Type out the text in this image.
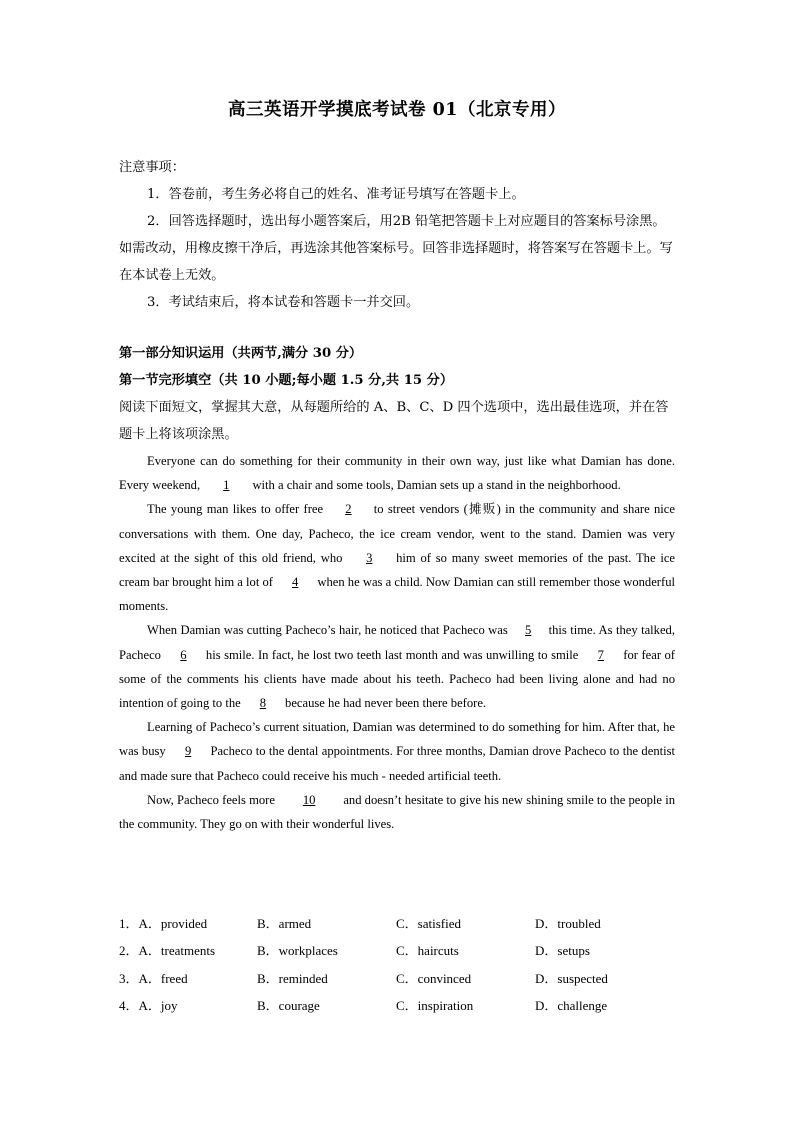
高三英语开学摸底考试卷 01（北京专用）

注意事项：

1．答卷前，考生务必将自己的姓名、准考证号填写在答题卡上。

2．回答选择题时，选出每小题答案后，用2B 铅笔把答题卡上对应题目的答案标号涂黑。如需改动，用橡皮擦干净后，再选涂其他答案标号。回答非选择题时，将答案写在答题卡上。写在本试卷上无效。

3．考试结束后，将本试卷和答题卡一并交回。

第一部分知识运用（共两节,满分 30 分）

第一节完形填空（共 10 小题;每小题 1.5 分,共 15 分）

阅读下面短文，掌握其大意，从每题所给的 A、B、C、D 四个选项中，选出最佳选项，并在答题卡上将该项涂黑。

Everyone can do something for their community in their own way, just like what Damian has done. Every weekend, 1 with a chair and some tools, Damian sets up a stand in the neighborhood.

The young man likes to offer free 2 to street vendors (摊贩) in the community and share nice conversations with them. One day, Pacheco, the ice cream vendor, went to the stand. Damien was very excited at the sight of this old friend, who 3 him of so many sweet memories of the past. The ice cream bar brought him a lot of 4 when he was a child. Now Damian can still remember those wonderful moments.

When Damian was cutting Pacheco’s hair, he noticed that Pacheco was 5 this time. As they talked, Pacheco 6 his smile. In fact, he lost two teeth last month and was unwilling to smile 7 for fear of some of the comments his clients have made about his teeth. Pacheco had been living alone and had no intention of going to the 8 because he had never been there before.

Learning of Pacheco’s current situation, Damian was determined to do something for him. After that, he was busy 9 Pacheco to the dental appointments. For three months, Damian drove Pacheco to the dentist and made sure that Pacheco could receive his much - needed artificial teeth.

Now, Pacheco feels more 10 and doesn’t hesitate to give his new shining smile to the people in the community. They go on with their wonderful lives.

1．A．provided	B．armed	C．satisfied	D．troubled
2．A．treatments	B．workplaces	C．haircuts	D．setups
3．A．freed	B．reminded	C．convinced	D．suspected
4．A．joy	B．courage	C．inspiration	D．challenge
